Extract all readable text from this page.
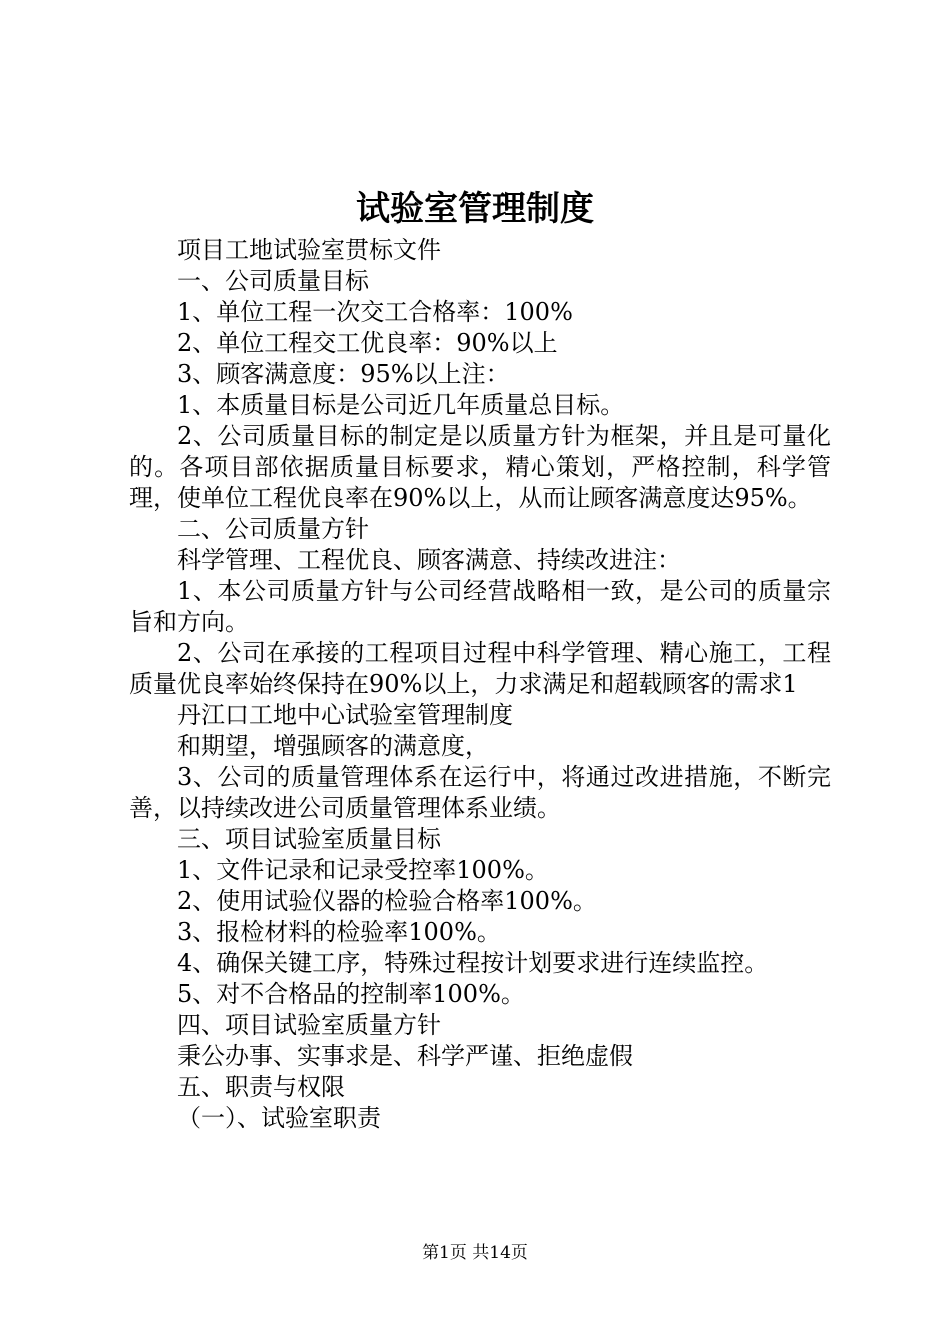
试验室管理制度

项目工地试验室贯标文件

一、公司质量目标

1、单位工程一次交工合格率：100%

2、单位工程交工优良率：90%以上

3、顾客满意度：95%以上注：

1、本质量目标是公司近几年质量总目标。

2、公司质量目标的制定是以质量方针为框架，并且是可量化的。各项目部依据质量目标要求，精心策划，严格控制，科学管理，使单位工程优良率在90%以上，从而让顾客满意度达95%。

二、公司质量方针

科学管理、工程优良、顾客满意、持续改进注：

1、本公司质量方针与公司经营战略相一致，是公司的质量宗旨和方向。

2、公司在承接的工程项目过程中科学管理、精心施工，工程质量优良率始终保持在90%以上，力求满足和超载顾客的需求1

丹江口工地中心试验室管理制度

和期望，增强顾客的满意度，

3、公司的质量管理体系在运行中，将通过改进措施，不断完善，以持续改进公司质量管理体系业绩。

三、项目试验室质量目标

1、文件记录和记录受控率100%。

2、使用试验仪器的检验合格率100%。

3、报检材料的检验率100%。

4、确保关键工序，特殊过程按计划要求进行连续监控。

5、对不合格品的控制率100%。

四、项目试验室质量方针

秉公办事、实事求是、科学严谨、拒绝虚假

五、职责与权限

（一）、试验室职责

第1页 共14页
